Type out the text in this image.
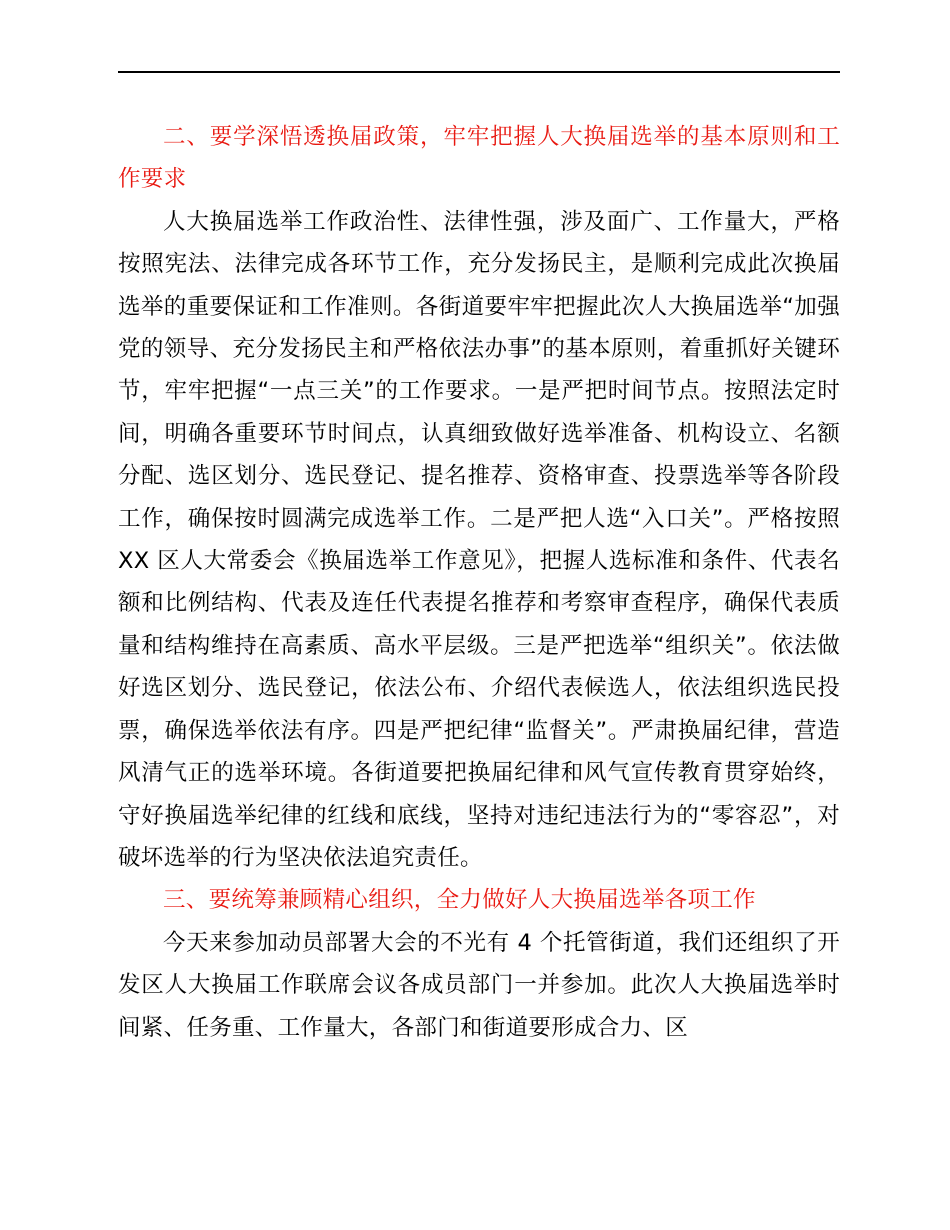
二、要学深悟透换届政策，牢牢把握人大换届选举的基本原则和工作要求

人大换届选举工作政治性、法律性强，涉及面广、工作量大，严格按照宪法、法律完成各环节工作，充分发扬民主，是顺利完成此次换届选举的重要保证和工作准则。各街道要牢牢把握此次人大换届选举“加强党的领导、充分发扬民主和严格依法办事”的基本原则，着重抓好关键环节，牢牢把握“一点三关”的工作要求。一是严把时间节点。按照法定时间，明确各重要环节时间点，认真细致做好选举准备、机构设立、名额分配、选区划分、选民登记、提名推荐、资格审查、投票选举等各阶段工作，确保按时圆满完成选举工作。二是严把人选“入口关”。严格按照 XX 区人大常委会《换届选举工作意见》，把握人选标准和条件、代表名额和比例结构、代表及连任代表提名推荐和考察审查程序，确保代表质量和结构维持在高素质、高水平层级。三是严把选举“组织关”。依法做好选区划分、选民登记，依法公布、介绍代表候选人，依法组织选民投票，确保选举依法有序。四是严把纪律“监督关”。严肃换届纪律，营造风清气正的选举环境。各街道要把换届纪律和风气宣传教育贯穿始终，守好换届选举纪律的红线和底线，坚持对违纪违法行为的“零容忍”，对破坏选举的行为坚决依法追究责任。

三、要统筹兼顾精心组织，全力做好人大换届选举各项工作

今天来参加动员部署大会的不光有 4 个托管街道，我们还组织了开发区人大换届工作联席会议各成员部门一并参加。此次人大换届选举时间紧、任务重、工作量大，各部门和街道要形成合力、区
